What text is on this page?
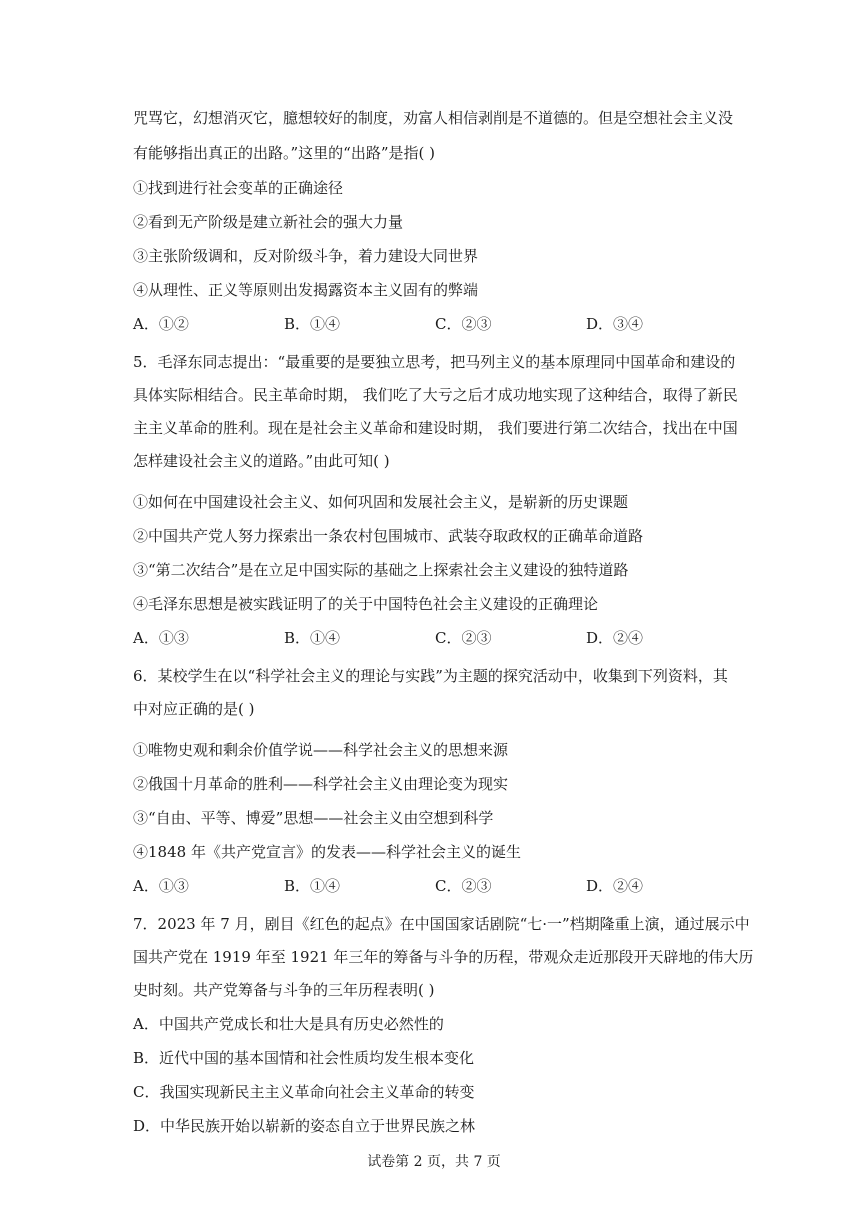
咒骂它，幻想消灭它，臆想较好的制度，劝富人相信剥削是不道德的。但是空想社会主义没
有能够指出真正的出路。”这里的“出路”是指( )
①找到进行社会变革的正确途径
②看到无产阶级是建立新社会的强大力量
③主张阶级调和，反对阶级斗争，着力建设大同世界
④从理性、正义等原则出发揭露资本主义固有的弊端
A．①②	B．①④	C．②③	D．③④
5．毛泽东同志提出：“最重要的是要独立思考，把马列主义的基本原理同中国革命和建设的
具体实际相结合。民主革命时期， 我们吃了大亏之后才成功地实现了这种结合，取得了新民
主主义革命的胜利。现在是社会主义革命和建设时期， 我们要进行第二次结合，找出在中国
怎样建设社会主义的道路。”由此可知( )
①如何在中国建设社会主义、如何巩固和发展社会主义，是崭新的历史课题
②中国共产党人努力探索出一条农村包围城市、武装夺取政权的正确革命道路
③“第二次结合”是在立足中国实际的基础之上探索社会主义建设的独特道路
④毛泽东思想是被实践证明了的关于中国特色社会主义建设的正确理论
A．①③	B．①④	C．②③	D．②④
6．某校学生在以“科学社会主义的理论与实践”为主题的探究活动中，收集到下列资料，其
中对应正确的是( )
①唯物史观和剩余价值学说——科学社会主义的思想来源
②俄国十月革命的胜利——科学社会主义由理论变为现实
③“自由、平等、博爱”思想——社会主义由空想到科学
④1848 年《共产党宣言》的发表——科学社会主义的诞生
A．①③	B．①④	C．②③	D．②④
7．2023 年 7 月，剧目《红色的起点》在中国国家话剧院“七·一”档期隆重上演，通过展示中
国共产党在 1919 年至 1921 年三年的筹备与斗争的历程，带观众走近那段开天辟地的伟大历
史时刻。共产党筹备与斗争的三年历程表明( )
A．中国共产党成长和壮大是具有历史必然性的
B．近代中国的基本国情和社会性质均发生根本变化
C．我国实现新民主主义革命向社会主义革命的转变
D．中华民族开始以崭新的姿态自立于世界民族之林
试卷第 2 页，共 7 页
